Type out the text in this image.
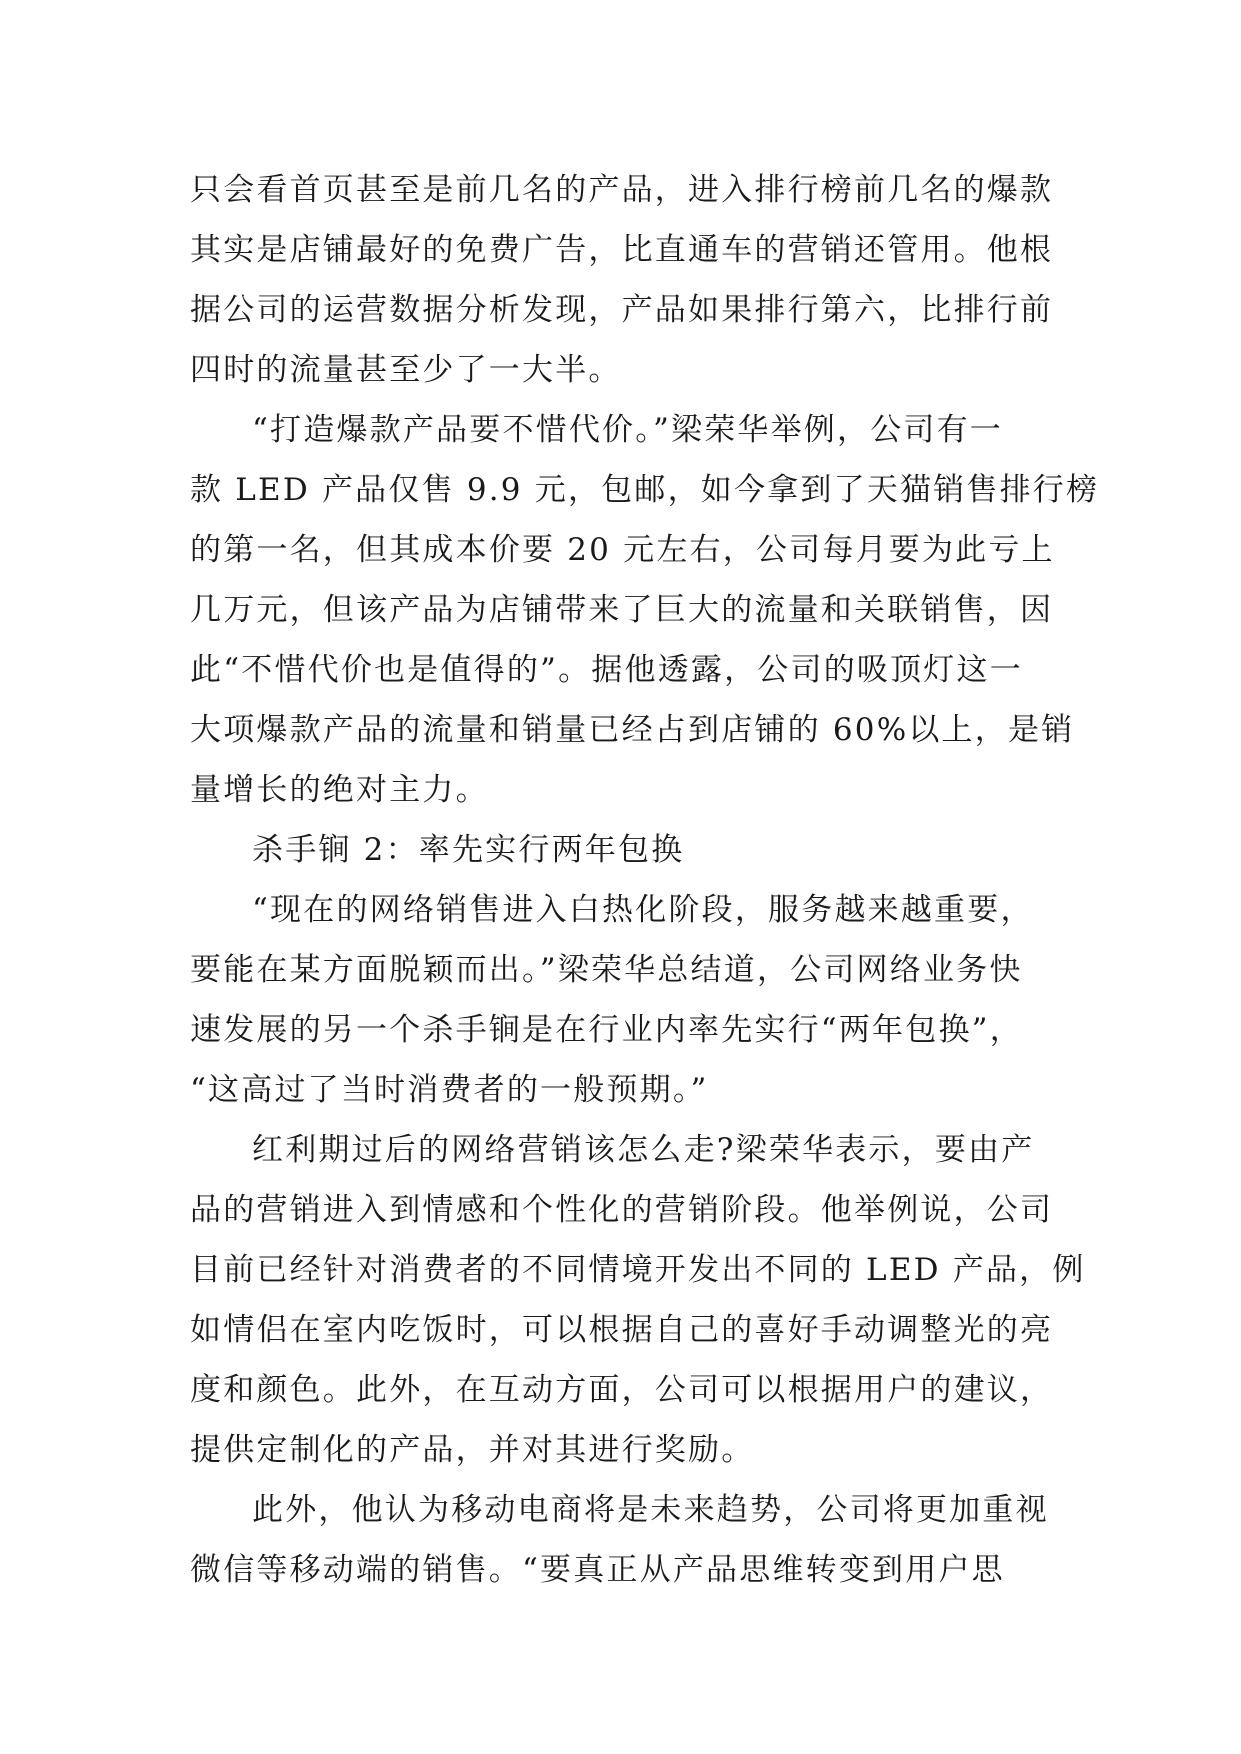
只会看首页甚至是前几名的产品，进入排行榜前几名的爆款
其实是店铺最好的免费广告，比直通车的营销还管用。他根
据公司的运营数据分析发现，产品如果排行第六，比排行前
四时的流量甚至少了一大半。
“打造爆款产品要不惜代价。”梁荣华举例，公司有一
款 LED 产品仅售 9.9 元，包邮，如今拿到了天猫销售排行榜
的第一名，但其成本价要 20 元左右，公司每月要为此亏上
几万元，但该产品为店铺带来了巨大的流量和关联销售，因
此“不惜代价也是值得的”。据他透露，公司的吸顶灯这一
大项爆款产品的流量和销量已经占到店铺的 60%以上，是销
量增长的绝对主力。
杀手锏 2：率先实行两年包换
“现在的网络销售进入白热化阶段，服务越来越重要，
要能在某方面脱颖而出。”梁荣华总结道，公司网络业务快
速发展的另一个杀手锏是在行业内率先实行“两年包换”，
“这高过了当时消费者的一般预期。”
红利期过后的网络营销该怎么走?梁荣华表示，要由产
品的营销进入到情感和个性化的营销阶段。他举例说，公司
目前已经针对消费者的不同情境开发出不同的 LED 产品，例
如情侣在室内吃饭时，可以根据自己的喜好手动调整光的亮
度和颜色。此外，在互动方面，公司可以根据用户的建议，
提供定制化的产品，并对其进行奖励。
此外，他认为移动电商将是未来趋势，公司将更加重视
微信等移动端的销售。“要真正从产品思维转变到用户思
